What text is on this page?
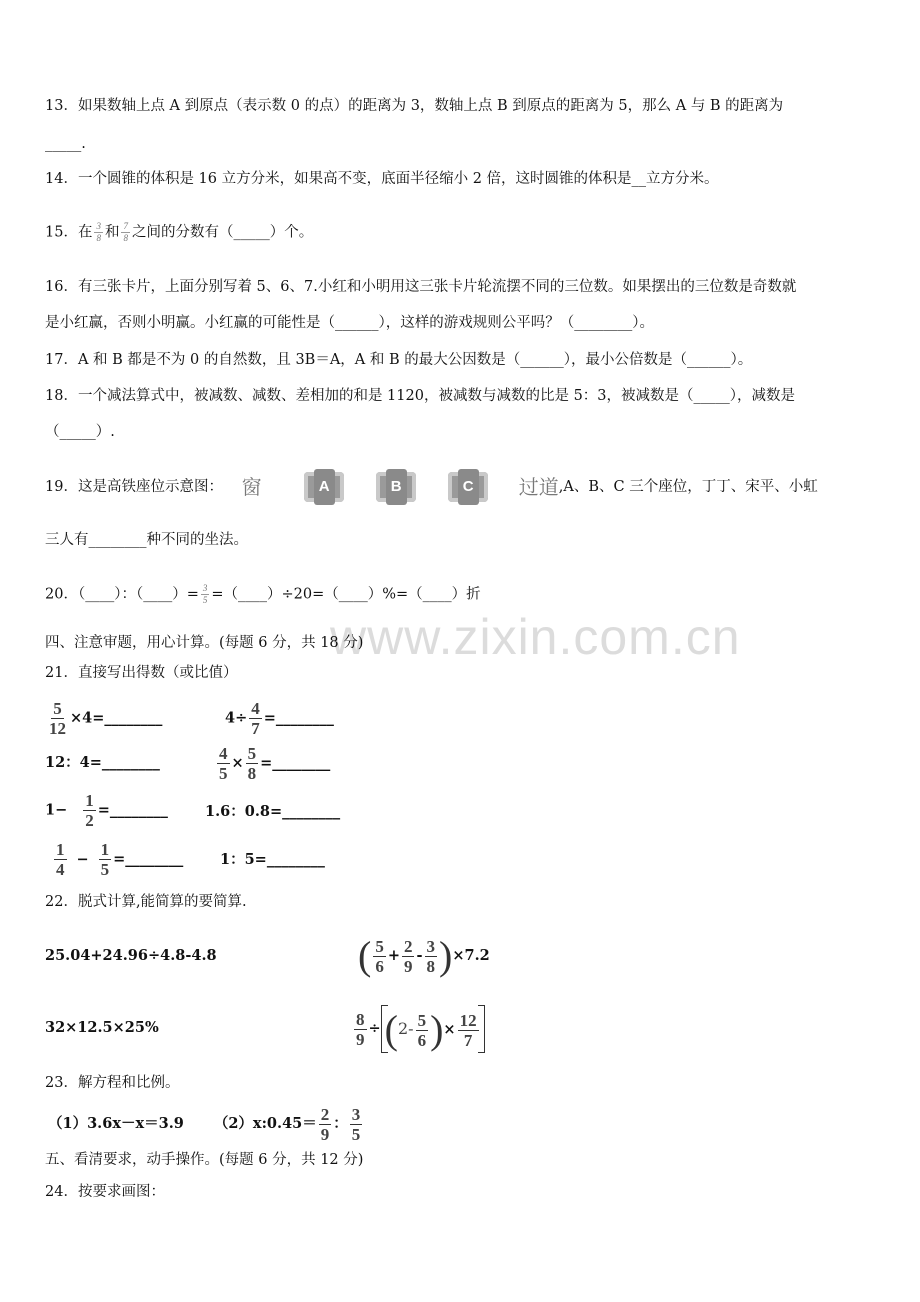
www.zixin.com.cn
13．如果数轴上点 A 到原点（表示数 0 的点）的距离为 3，数轴上点 B 到原点的距离为 5，那么 A 与 B 的距离为
_____.
14．一个圆锥的体积是 16 立方分米，如果高不变，底面半径缩小 2 倍，这时圆锥的体积是__立方分米。
15．在 $\frac{3}{8}$ 和 $\frac{7}{8}$ 之间的分数有（_____）个。
16．有三张卡片，上面分别写着 5、6、7.小红和小明用这三张卡片轮流摆不同的三位数。如果摆出的三位数是奇数就
是小红赢，否则小明赢。小红赢的可能性是（______），这样的游戏规则公平吗？（________）。
17．A 和 B 都是不为 0 的自然数，且 3B＝A，A 和 B 的最大公因数是（______），最小公倍数是（______）。
18．一个减法算式中，被减数、减数、差相加的和是 1120，被减数与减数的比是 5：3，被减数是（_____），减数是
（_____）.
19．这是高铁座位示意图： 窗	A	B	C 过道,A、B、C 三个座位，丁丁、宋平、小虹
三人有________种不同的坐法。
20．（____）：（____）= $\frac{3}{5}$ =（____）÷20=（____）%=（____）折
四、注意审题，用心计算。(每题 6 分，共 18 分)
21．直接写出得数（或比值）
$\frac{5}{12}$ ×4=________	$4\div \frac{4}{7}$ =________
12：4=________	$\frac{4}{5} \times \frac{5}{8}$ =________
$1- \frac{1}{2}$ =________	1.6：0.8=________
$\frac{1}{4} - \frac{1}{5}$ =________	1：5=________
22．脱式计算,能简算的要简算.
25.04+24.96÷4.8-4.8	( $\frac{5}{6} + \frac{2}{9} - \frac{3}{8} )\times 7.2$
32×12.5×25%	$\frac{8}{9} \div (2- \frac{5}{6}$ )× $\frac{12}{7}$
23．解方程和比例。
（1）3.6x－x＝3.9 （2）x:0.45＝ $\frac{2}{9}$ ： $\frac{3}{5}$
五、看清要求，动手操作。(每题 6 分，共 12 分)
24．按要求画图：
